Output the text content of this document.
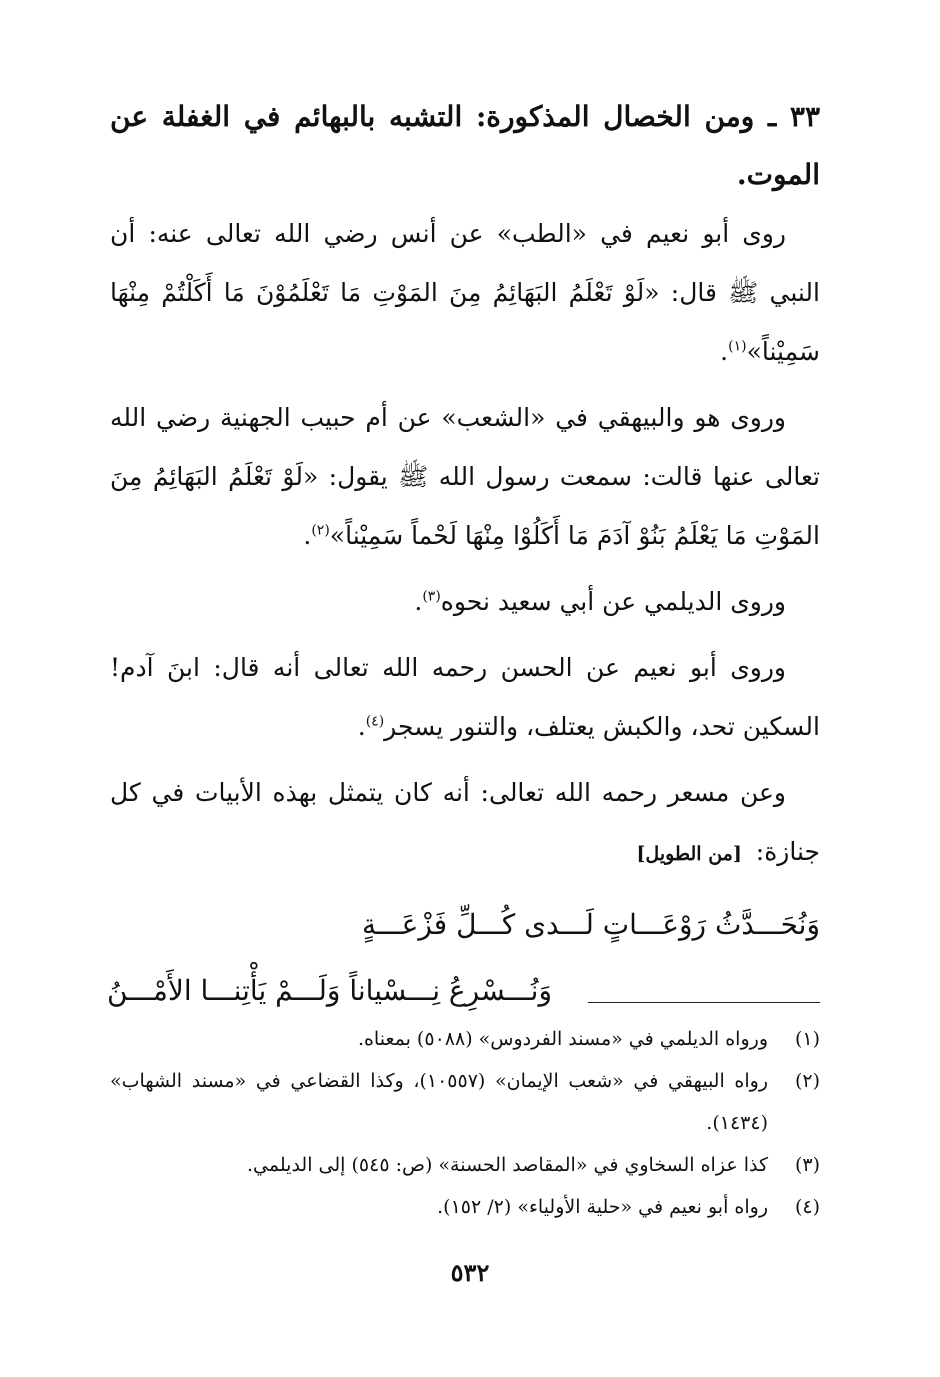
٣٣ ـ ومن الخصال المذكورة: التشبه بالبهائم في الغفلة عن الموت.

روى أبو نعيم في «الطب» عن أنس رضي الله تعالى عنه: أن النبي ﷺ قال: «لَوْ تَعْلَمُ البَهَائِمُ مِنَ المَوْتِ مَا تَعْلَمُوْنَ مَا أَكَلْتُمْ مِنْهَا سَمِيْناً»$^{(١)}$.

وروى هو والبيهقي في «الشعب» عن أم حبيب الجهنية رضي الله تعالى عنها قالت: سمعت رسول الله ﷺ يقول: «لَوْ تَعْلَمُ البَهَائِمُ مِنَ المَوْتِ مَا يَعْلَمُ بَنُوْ آدَمَ مَا أَكَلُوْا مِنْهَا لَحْماً سَمِيْناً»$^{(٢)}$.

وروى الديلمي عن أبي سعيد نحوه$^{(٣)}$.

وروى أبو نعيم عن الحسن رحمه الله تعالى أنه قال: ابنَ آدم! السكين تحد، والكبش يعتلف، والتنور يسجر$^{(٤)}$.

وعن مسعر رحمه الله تعالى: أنه كان يتمثل بهذه الأبيات في كل جنازة: [من الطويل]

وَنُحَـــدَّثُ رَوْعَـــاتٍ لَـــدى كُـــلِّ فَزْعَـــةٍ

وَنُـــسْرِعُ نِـــسْياناً وَلَـــمْ يَأْتِنـــا الأَمْـــنُ

(١)
ورواه الديلمي في «مسند الفردوس» (٥٠٨٨) بمعناه.
(٢)
رواه البيهقي في «شعب الإيمان» (١٠٥٥٧)، وكذا القضاعي في «مسند الشهاب» (١٤٣٤).
(٣)
كذا عزاه السخاوي في «المقاصد الحسنة» (ص: ٥٤٥) إلى الديلمي.
(٤)
رواه أبو نعيم في «حلية الأولياء» (٢/ ١٥٢).
٥٣٢
